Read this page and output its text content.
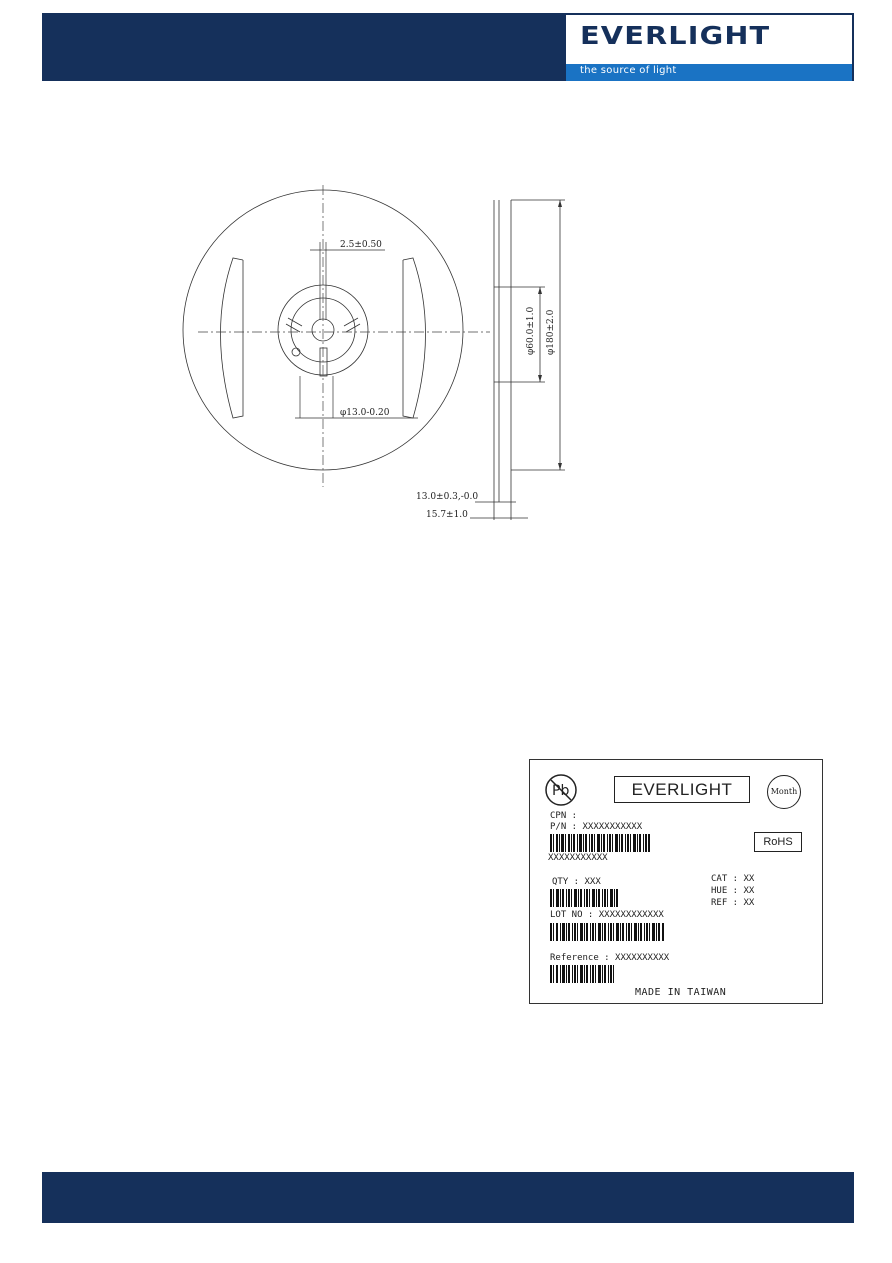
EVERLIGHT
the source of light
2.5±0.50
φ13.0-0.20
φ60.0±1.0 φ180±2.0
13.0±0.3,-0.0
15.7±1.0
Pb	EVERLIGHT	Month
CPN :
P/N : XXXXXXXXXXX
XXXXXXXXXXX
RoHS
QTY : XXX	CAT : XX
HUE : XX
REF : XX
LOT NO : XXXXXXXXXXXX
Reference : XXXXXXXXXX
MADE IN TAIWAN
